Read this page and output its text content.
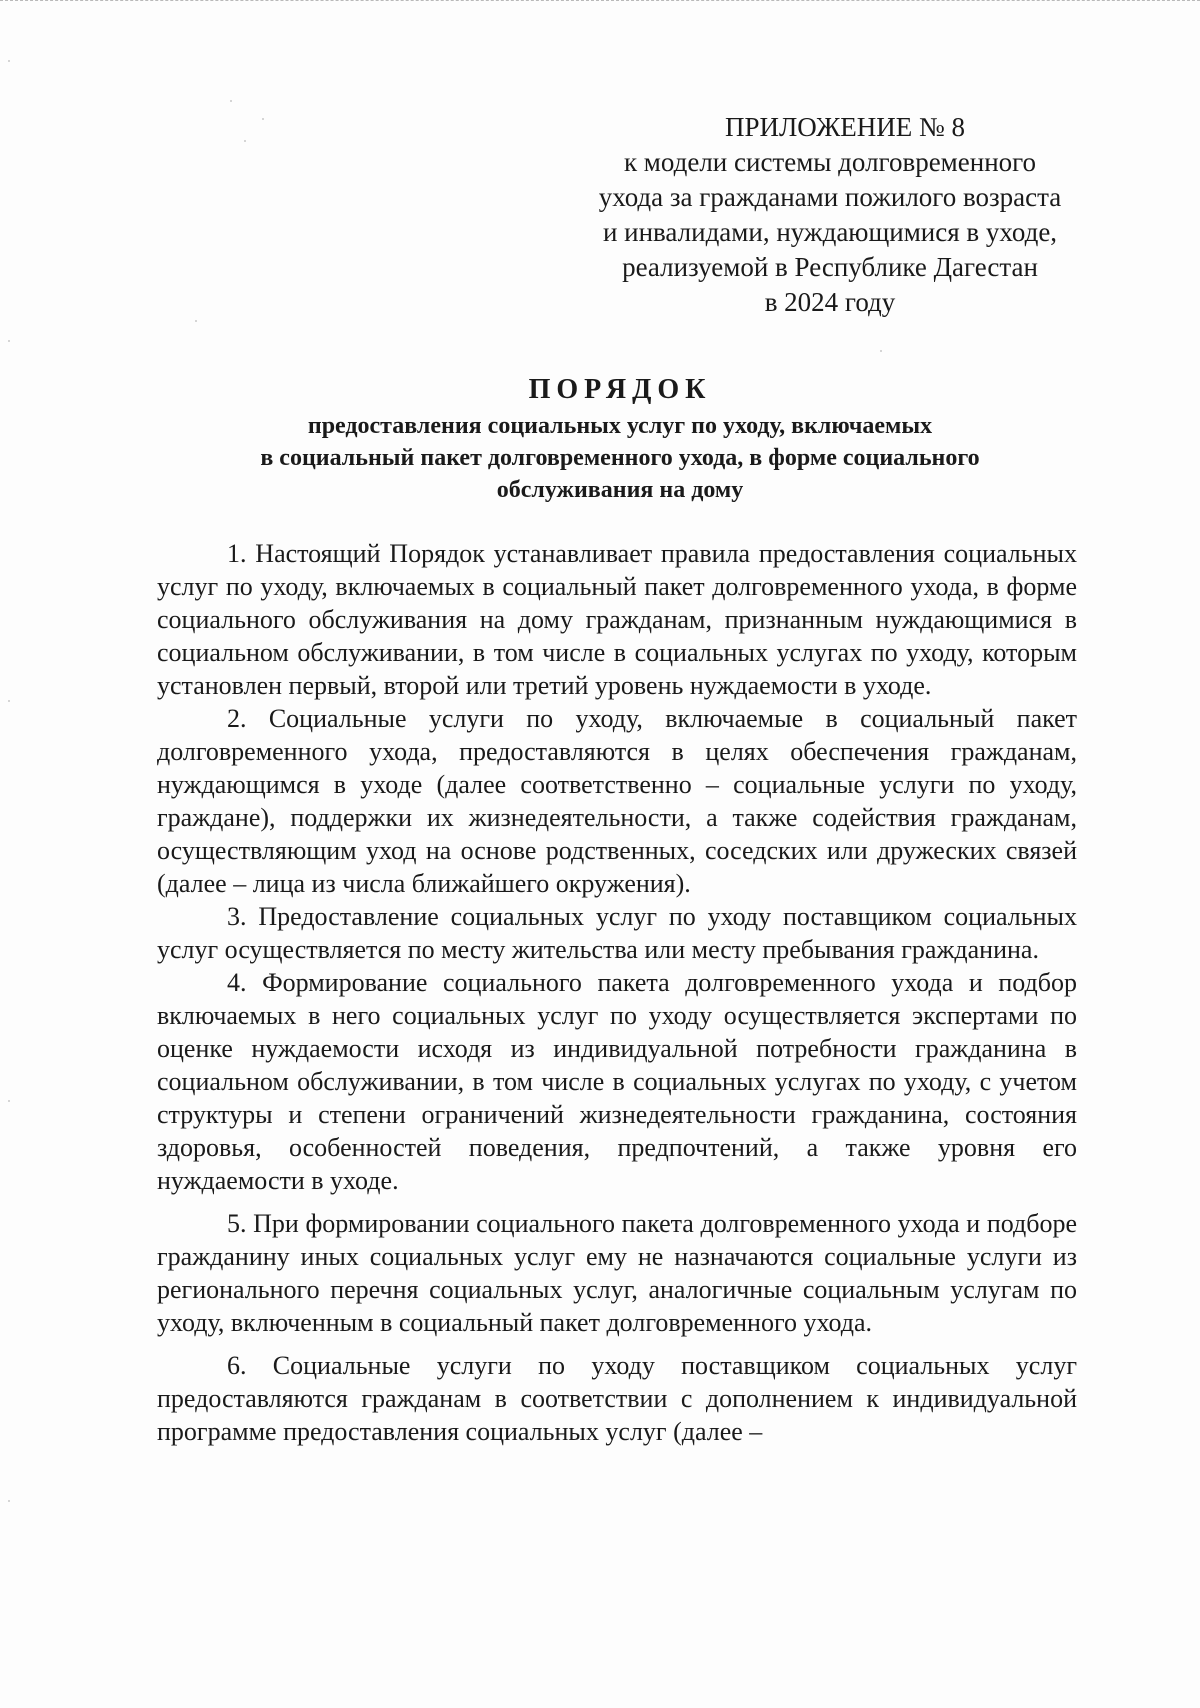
ПРИЛОЖЕНИЕ № 8
к модели системы долговременного
ухода за гражданами пожилого возраста
и инвалидами, нуждающимися в уходе,
реализуемой в Республике Дагестан
в 2024 году
ПОРЯДОК
предоставления социальных услуг по уходу, включаемых
в социальный пакет долговременного ухода, в форме социального
обслуживания на дому

1. Настоящий Порядок устанавливает правила предоставления социальных услуг по уходу, включаемых в социальный пакет долговременного ухода, в форме социального обслуживания на дому гражданам, признанным нуждающимися в социальном обслуживании, в том числе в социальных услугах по уходу, которым установлен первый, второй или третий уровень нуждаемости в уходе.

2. Социальные услуги по уходу, включаемые в социальный пакет долговременного ухода, предоставляются в целях обеспечения гражданам, нуждающимся в уходе (далее соответственно – социальные услуги по уходу, граждане), поддержки их жизнедеятельности, а также содействия гражданам, осуществляющим уход на основе родственных, соседских или дружеских связей (далее – лица из числа ближайшего окружения).

3. Предоставление социальных услуг по уходу поставщиком социальных услуг осуществляется по месту жительства или месту пребывания гражданина.

4. Формирование социального пакета долговременного ухода и подбор включаемых в него социальных услуг по уходу осуществляется экспертами по оценке нуждаемости исходя из индивидуальной потребности гражданина в социальном обслуживании, в том числе в социальных услугах по уходу, с учетом структуры и степени ограничений жизнедеятельности гражданина, состояния здоровья, особенностей поведения, предпочтений, а также уровня его нуждаемости в уходе.

5. При формировании социального пакета долговременного ухода и подборе гражданину иных социальных услуг ему не назначаются социальные услуги из регионального перечня социальных услуг, аналогичные социальным услугам по уходу, включенным в социальный пакет долговременного ухода.

6. Социальные услуги по уходу поставщиком социальных услуг предоставляются гражданам в соответствии с дополнением к индивидуальной программе предоставления социальных услуг (далее –
